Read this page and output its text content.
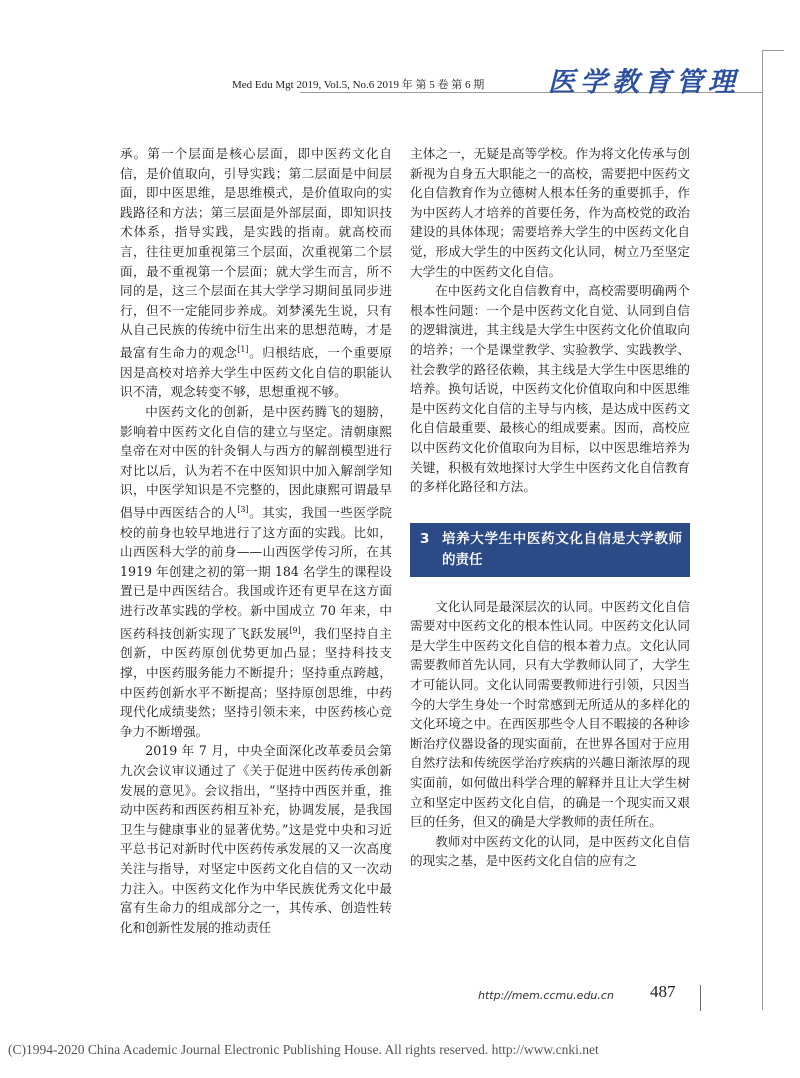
Med Edu Mgt 2019, Vol.5, No.6 2019 年 第 5 卷 第 6 期 医学教育管理

承。第一个层面是核心层面，即中医药文化自信，是价值取向，引导实践；第二层面是中间层面，即中医思维，是思维模式，是价值取向的实践路径和方法；第三层面是外部层面，即知识技术体系，指导实践，是实践的指南。就高校而言，往往更加重视第三个层面，次重视第二个层面，最不重视第一个层面；就大学生而言，所不同的是，这三个层面在其大学学习期间虽同步进行，但不一定能同步养成。刘梦溪先生说，只有从自己民族的传统中衍生出来的思想范畴，才是最富有生命力的观念[1]。归根结底，一个重要原因是高校对培养大学生中医药文化自信的职能认识不清，观念转变不够，思想重视不够。

中医药文化的创新，是中医药腾飞的翅膀，影响着中医药文化自信的建立与坚定。清朝康熙皇帝在对中医的针灸铜人与西方的解剖模型进行对比以后，认为若不在中医知识中加入解剖学知识，中医学知识是不完整的，因此康熙可谓最早倡导中西医结合的人[3]。其实，我国一些医学院校的前身也较早地进行了这方面的实践。比如，山西医科大学的前身——山西医学传习所，在其 1919 年创建之初的第一期 184 名学生的课程设置已是中西医结合。我国或许还有更早在这方面进行改革实践的学校。新中国成立 70 年来，中医药科技创新实现了飞跃发展[9]，我们坚持自主创新，中医药原创优势更加凸显；坚持科技支撑，中医药服务能力不断提升；坚持重点跨越，中医药创新水平不断提高；坚持原创思维，中药现代化成绩斐然；坚持引领未来，中医药核心竞争力不断增强。

2019 年 7 月，中央全面深化改革委员会第九次会议审议通过了《关于促进中医药传承创新发展的意见》。会议指出，“坚持中西医并重，推动中医药和西医药相互补充，协调发展，是我国卫生与健康事业的显著优势。”这是党中央和习近平总书记对新时代中医药传承发展的又一次高度关注与指导，对坚定中医药文化自信的又一次动力注入。中医药文化作为中华民族优秀文化中最富有生命力的组成部分之一，其传承、创造性转化和创新性发展的推动责任

主体之一，无疑是高等学校。作为将文化传承与创新视为自身五大职能之一的高校，需要把中医药文化自信教育作为立德树人根本任务的重要抓手，作为中医药人才培养的首要任务，作为高校党的政治建设的具体体现；需要培养大学生的中医药文化自觉，形成大学生的中医药文化认同，树立乃至坚定大学生的中医药文化自信。

在中医药文化自信教育中，高校需要明确两个根本性问题：一个是中医药文化自觉、认同到自信的逻辑演进，其主线是大学生中医药文化价值取向的培养；一个是课堂教学、实验教学、实践教学、社会教学的路径依赖，其主线是大学生中医思维的培养。换句话说，中医药文化价值取向和中医思维是中医药文化自信的主导与内核，是达成中医药文化自信最重要、最核心的组成要素。因而，高校应以中医药文化价值取向为目标，以中医思维培养为关键，积极有效地探讨大学生中医药文化自信教育的多样化路径和方法。

3 培养大学生中医药文化自信是大学教师的责任

文化认同是最深层次的认同。中医药文化自信需要对中医药文化的根本性认同。中医药文化认同是大学生中医药文化自信的根本着力点。文化认同需要教师首先认同，只有大学教师认同了，大学生才可能认同。文化认同需要教师进行引领，只因当今的大学生身处一个时常感到无所适从的多样化的文化环境之中。在西医那些令人目不暇接的各种诊断治疗仪器设备的现实面前，在世界各国对于应用自然疗法和传统医学治疗疾病的兴趣日渐浓厚的现实面前，如何做出科学合理的解释并且让大学生树立和坚定中医药文化自信，的确是一个现实而又艰巨的任务，但又的确是大学教师的责任所在。

教师对中医药文化的认同，是中医药文化自信的现实之基，是中医药文化自信的应有之

http://mem.ccmu.edu.cn 487
(C)1994-2020 China Academic Journal Electronic Publishing House. All rights reserved. http://www.cnki.net
